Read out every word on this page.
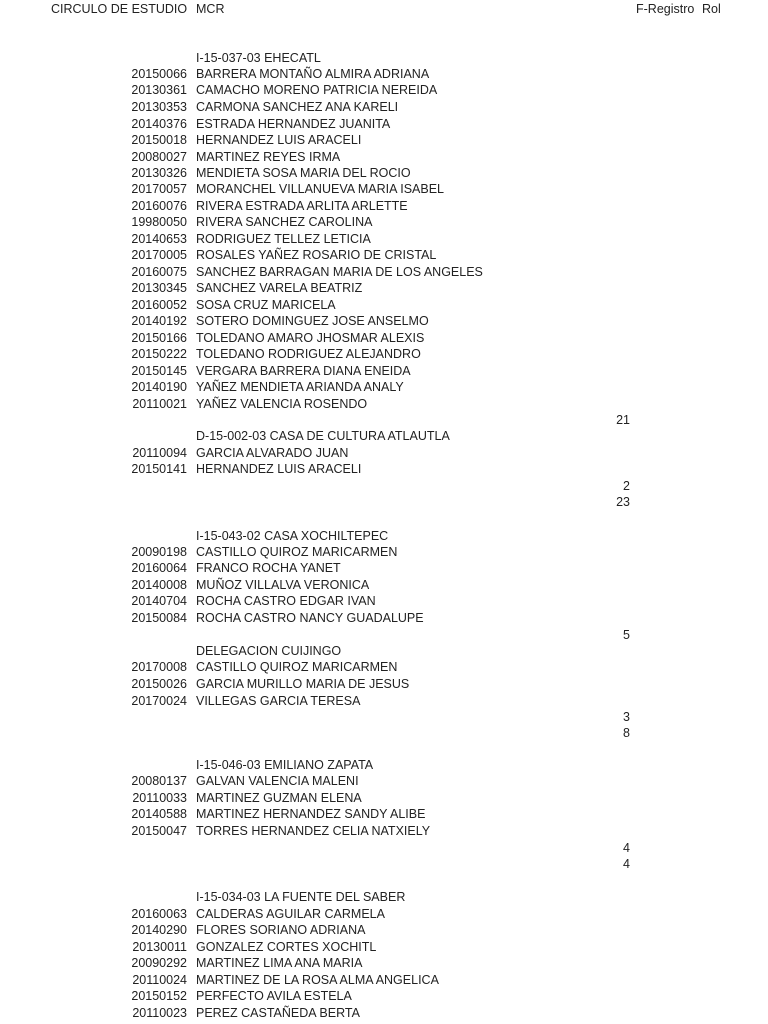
CIRCULO DE ESTUDIO MCR	F-Registro Rol
I-15-037-03 EHECATL
20150066 BARRERA MONTAÑO ALMIRA ADRIANA
20130361 CAMACHO MORENO PATRICIA NEREIDA
20130353 CARMONA SANCHEZ ANA KARELI
20140376 ESTRADA HERNANDEZ JUANITA
20150018 HERNANDEZ LUIS ARACELI
20080027 MARTINEZ REYES IRMA
20130326 MENDIETA SOSA MARIA DEL ROCIO
20170057 MORANCHEL VILLANUEVA MARIA ISABEL
20160076 RIVERA ESTRADA ARLITA ARLETTE
19980050 RIVERA SANCHEZ CAROLINA
20140653 RODRIGUEZ TELLEZ LETICIA
20170005 ROSALES YAÑEZ ROSARIO DE CRISTAL
20160075 SANCHEZ BARRAGAN MARIA DE LOS ANGELES
20130345 SANCHEZ VARELA BEATRIZ
20160052 SOSA CRUZ MARICELA
20140192 SOTERO DOMINGUEZ JOSE ANSELMO
20150166 TOLEDANO AMARO JHOSMAR ALEXIS
20150222 TOLEDANO RODRIGUEZ ALEJANDRO
20150145 VERGARA BARRERA DIANA ENEIDA
20140190 YAÑEZ MENDIETA ARIANDA ANALY
20110021 YAÑEZ VALENCIA ROSENDO
21
D-15-002-03 CASA DE CULTURA ATLAUTLA
20110094 GARCIA ALVARADO JUAN
20150141 HERNANDEZ LUIS ARACELI
2
23
I-15-043-02 CASA XOCHILTEPEC
20090198 CASTILLO QUIROZ MARICARMEN
20160064 FRANCO ROCHA YANET
20140008 MUÑOZ VILLALVA VERONICA
20140704 ROCHA CASTRO EDGAR IVAN
20150084 ROCHA CASTRO NANCY GUADALUPE
5
DELEGACION CUIJINGO
20170008 CASTILLO QUIROZ MARICARMEN
20150026 GARCIA MURILLO MARIA DE JESUS
20170024 VILLEGAS GARCIA TERESA
3
8
I-15-046-03 EMILIANO ZAPATA
20080137 GALVAN VALENCIA MALENI
20110033 MARTINEZ GUZMAN ELENA
20140588 MARTINEZ HERNANDEZ SANDY ALIBE
20150047 TORRES HERNANDEZ CELIA NATXIELY
4
4
I-15-034-03 LA FUENTE DEL SABER
20160063 CALDERAS AGUILAR CARMELA
20140290 FLORES SORIANO ADRIANA
20130011 GONZALEZ CORTES XOCHITL
20090292 MARTINEZ LIMA ANA MARIA
20110024 MARTINEZ DE LA ROSA ALMA ANGELICA
20150152 PERFECTO AVILA ESTELA
20110023 PEREZ CASTAÑEDA BERTA
